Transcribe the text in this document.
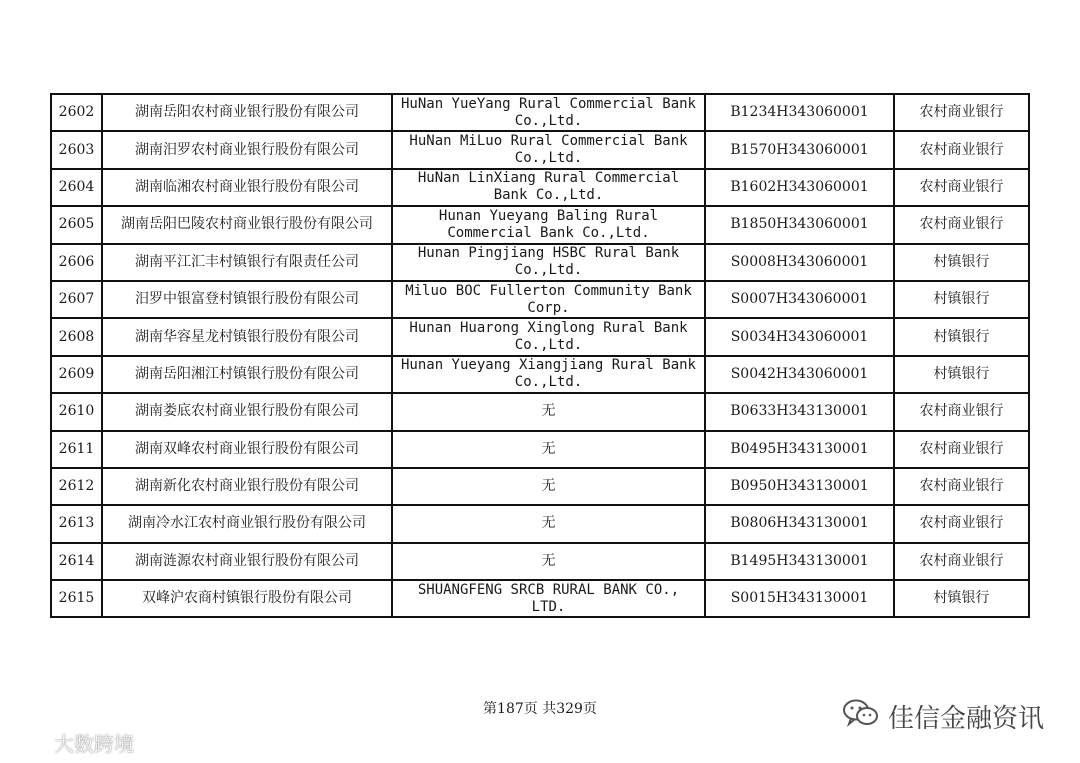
2602	湖南岳阳农村商业银行股份有限公司	HuNan YueYang Rural Commercial Bank Co.,Ltd.	B1234H343060001	农村商业银行
2603	湖南汨罗农村商业银行股份有限公司	HuNan MiLuo Rural Commercial Bank Co.,Ltd.	B1570H343060001	农村商业银行
2604	湖南临湘农村商业银行股份有限公司	HuNan LinXiang Rural Commercial Bank Co.,Ltd.	B1602H343060001	农村商业银行
2605	湖南岳阳巴陵农村商业银行股份有限公司	Hunan Yueyang Baling Rural Commercial Bank Co.,Ltd.	B1850H343060001	农村商业银行
2606	湖南平江汇丰村镇银行有限责任公司	Hunan Pingjiang HSBC Rural Bank Co.,Ltd.	S0008H343060001	村镇银行
2607	汨罗中银富登村镇银行股份有限公司	Miluo BOC Fullerton Community Bank Corp.	S0007H343060001	村镇银行
2608	湖南华容星龙村镇银行股份有限公司	Hunan Huarong Xinglong Rural Bank Co.,Ltd.	S0034H343060001	村镇银行
2609	湖南岳阳湘江村镇银行股份有限公司	Hunan Yueyang Xiangjiang Rural Bank Co.,Ltd.	S0042H343060001	村镇银行
2610	湖南娄底农村商业银行股份有限公司	无	B0633H343130001	农村商业银行
2611	湖南双峰农村商业银行股份有限公司	无	B0495H343130001	农村商业银行
2612	湖南新化农村商业银行股份有限公司	无	B0950H343130001	农村商业银行
2613	湖南冷水江农村商业银行股份有限公司	无	B0806H343130001	农村商业银行
2614	湖南涟源农村商业银行股份有限公司	无	B1495H343130001	农村商业银行
2615	双峰沪农商村镇银行股份有限公司	SHUANGFENG SRCB RURAL BANK CO., LTD.	S0015H343130001	村镇银行
第187页 共329页	佳信金融资讯
大数跨境
